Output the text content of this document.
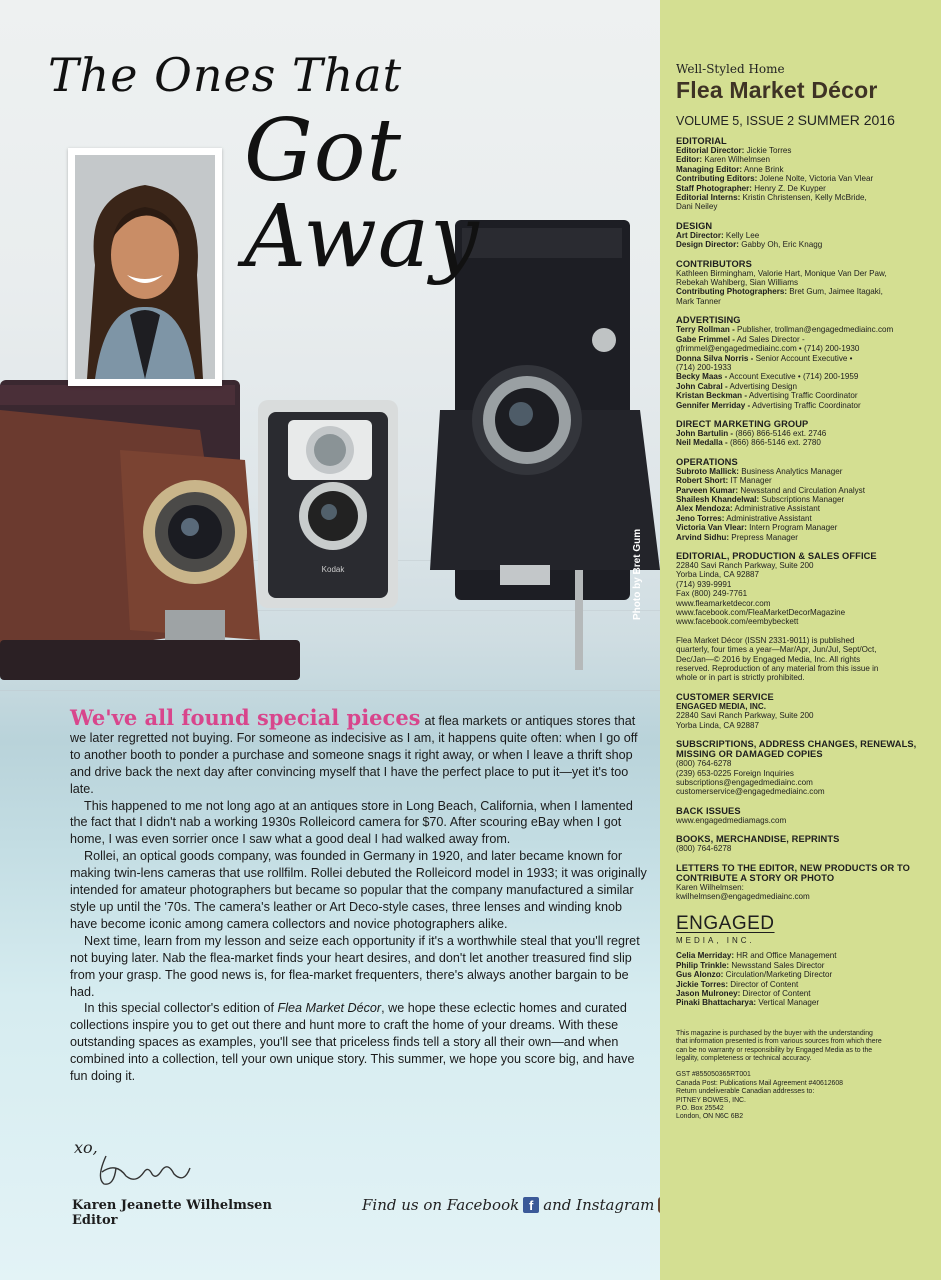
Kodak
The Ones That
Got Away
Photo by Bret Gum

We've all found special pieces at flea markets or antiques stores that we later regretted not buying. For someone as indecisive as I am, it happens quite often: when I go off to another booth to ponder a purchase and someone snags it right away, or when I leave a thrift shop and drive back the next day after convincing myself that I have the perfect place to put it—yet it's too late.

This happened to me not long ago at an antiques store in Long Beach, California, when I lamented the fact that I didn't nab a working 1930s Rolleicord camera for $70. After scouring eBay when I got home, I was even sorrier once I saw what a good deal I had walked away from.

Rollei, an optical goods company, was founded in Germany in 1920, and later became known for making twin-lens cameras that use rollfilm. Rollei debuted the Rolleicord model in 1933; it was originally intended for amateur photographers but became so popular that the company manufactured a similar style up until the '70s. The camera's leather or Art Deco-style cases, three lenses and winding knob have become iconic among camera collectors and novice photographers alike.

Next time, learn from my lesson and seize each opportunity if it's a worthwhile steal that you'll regret not buying later. Nab the flea-market finds your heart desires, and don't let another treasured find slip from your grasp. The good news is, for flea-market frequenters, there's always another bargain to be had.

In this special collector's edition of Flea Market Décor, we hope these eclectic homes and curated collections inspire you to get out there and hunt more to craft the home of your dreams. With these outstanding spaces as examples, you'll see that priceless finds tell a story all their own—and when combined into a collection, tell your own unique story. This summer, we hope you score big, and have fun doing it.

xo,
Karen Jeanette Wilhelmsen
Editor
Find us on Facebook f and Instagram
Well-Styled Home
Flea Market Décor
VOLUME 5, ISSUE 2 SUMMER 2016
EDITORIAL
Editorial Director: Jickie Torres
Editor: Karen Wilhelmsen
Managing Editor: Anne Brink
Contributing Editors: Jolene Nolte, Victoria Van Vlear
Staff Photographer: Henry Z. De Kuyper
Editorial Interns: Kristin Christensen, Kelly McBride,
Dani Neiley
DESIGN
Art Director: Kelly Lee
Design Director: Gabby Oh, Eric Knagg
CONTRIBUTORS
Kathleen Birmingham, Valorie Hart, Monique Van Der Paw,
Rebekah Wahlberg, Sian Williams
Contributing Photographers: Bret Gum, Jaimee Itagaki,
Mark Tanner
ADVERTISING
Terry Rollman - Publisher, trollman@engagedmediainc.com
Gabe Frimmel - Ad Sales Director -
gfrimmel@engagedmediainc.com • (714) 200-1930
Donna Silva Norris - Senior Account Executive •
(714) 200-1933
Becky Maas - Account Executive • (714) 200-1959
John Cabral - Advertising Design
Kristan Beckman - Advertising Traffic Coordinator
Gennifer Merriday - Advertising Traffic Coordinator
DIRECT MARKETING GROUP
John Bartulin - (866) 866-5146 ext. 2746
Neil Medalla - (866) 866-5146 ext. 2780
OPERATIONS
Subroto Mallick: Business Analytics Manager
Robert Short: IT Manager
Parveen Kumar: Newsstand and Circulation Analyst
Shailesh Khandelwal: Subscriptions Manager
Alex Mendoza: Administrative Assistant
Jeno Torres: Administrative Assistant
Victoria Van Vlear: Intern Program Manager
Arvind Sidhu: Prepress Manager
EDITORIAL, PRODUCTION & SALES OFFICE
22840 Savi Ranch Parkway, Suite 200
Yorba Linda, CA 92887
(714) 939-9991
Fax (800) 249-7761
www.fleamarketdecor.com
www.facebook.com/FleaMarketDecorMagazine
www.facebook.com/eembybeckett
Flea Market Décor (ISSN 2331-9011) is published
quarterly, four times a year—Mar/Apr, Jun/Jul, Sept/Oct,
Dec/Jan—© 2016 by Engaged Media, Inc. All rights
reserved. Reproduction of any material from this issue in
whole or in part is strictly prohibited.
CUSTOMER SERVICE
ENGAGED MEDIA, INC.
22840 Savi Ranch Parkway, Suite 200
Yorba Linda, CA 92887
SUBSCRIPTIONS, ADDRESS CHANGES, RENEWALS, MISSING OR DAMAGED COPIES
(800) 764-6278
(239) 653-0225 Foreign Inquiries
subscriptions@engagedmediainc.com
customerservice@engagedmediainc.com
BACK ISSUES
www.engagedmediamags.com
BOOKS, MERCHANDISE, REPRINTS
(800) 764-6278
LETTERS TO THE EDITOR, NEW PRODUCTS OR TO CONTRIBUTE A STORY OR PHOTO
Karen Wilhelmsen:
kwilhelmsen@engagedmediainc.com
ENGAGED
MEDIA, INC.
Celia Merriday: HR and Office Management
Philip Trinkle: Newsstand Sales Director
Gus Alonzo: Circulation/Marketing Director
Jickie Torres: Director of Content
Jason Mulroney: Director of Content
Pinaki Bhattacharya: Vertical Manager
This magazine is purchased by the buyer with the understanding
that information presented is from various sources from which there
can be no warranty or responsibility by Engaged Media as to the
legality, completeness or technical accuracy.
GST #855050365RT001
Canada Post: Publications Mail Agreement #40612608
Return undeliverable Canadian addresses to:
PITNEY BOWES, INC.
P.O. Box 25542
London, ON N6C 6B2
